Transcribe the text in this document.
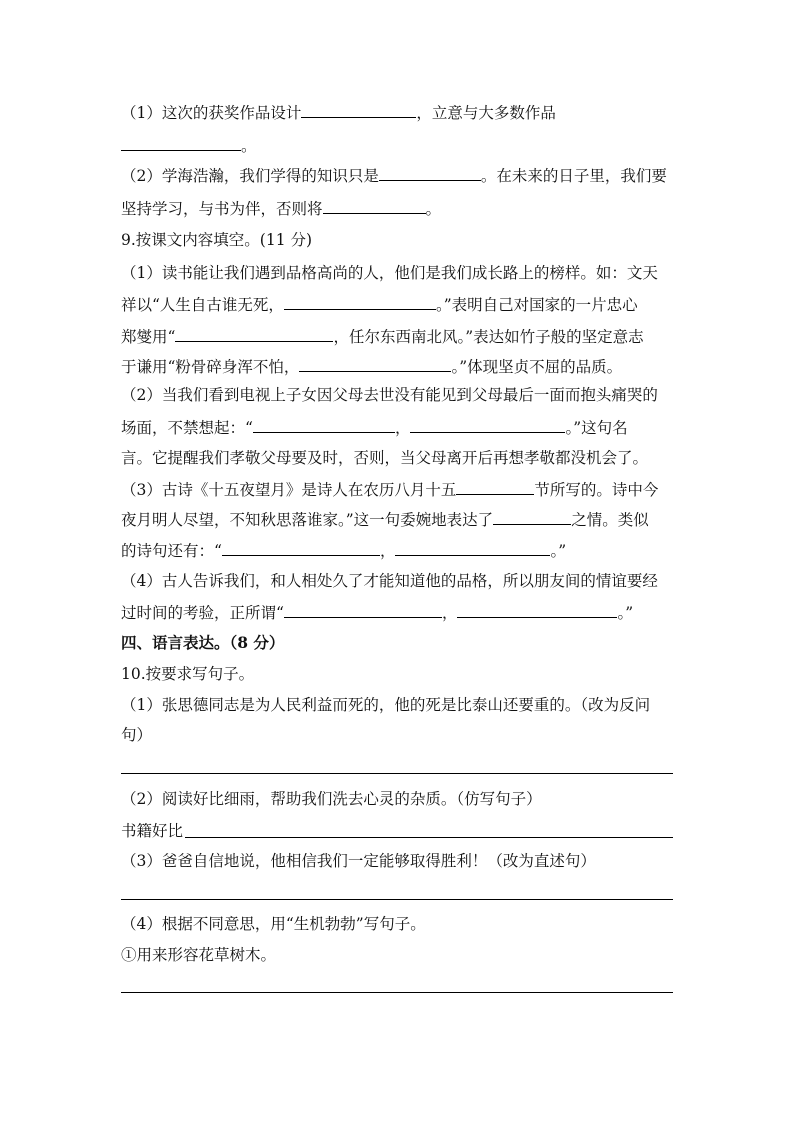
（1）这次的获奖作品设计	，立意与大多数作品
。
（2）学海浩瀚，我们学得的知识只是	。在未来的日子里，我们要
坚持学习，与书为伴，否则将	。
9.按课文内容填空。(11 分)
（1）读书能让我们遇到品格高尚的人，他们是我们成长路上的榜样。如：文天
祥以“人生自古谁无死，	。”表明自己对国家的一片忠心
郑燮用“	，任尔东西南北风。”表达如竹子般的坚定意志
于谦用“粉骨碎身浑不怕，	。”体现坚贞不屈的品质。
（2）当我们看到电视上子女因父母去世没有能见到父母最后一面而抱头痛哭的
场面，不禁想起：“	，	。”这句名
言。它提醒我们孝敬父母要及时，否则，当父母离开后再想孝敬都没机会了。
（3）古诗《十五夜望月》是诗人在农历八月十五	节所写的。诗中今
夜月明人尽望，不知秋思落谁家。”这一句委婉地表达了	之情。类似
的诗句还有：“	，	。”
（4）古人告诉我们，和人相处久了才能知道他的品格，所以朋友间的情谊要经
过时间的考验，正所谓“	，	。”
四、语言表达。（8 分）
10.按要求写句子。
（1）张思德同志是为人民利益而死的，他的死是比泰山还要重的。（改为反问
句）
（2）阅读好比细雨，帮助我们洗去心灵的杂质。（仿写句子）
书籍好比
（3）爸爸自信地说，他相信我们一定能够取得胜利！（改为直述句）
（4）根据不同意思，用“生机勃勃”写句子。
①用来形容花草树木。
